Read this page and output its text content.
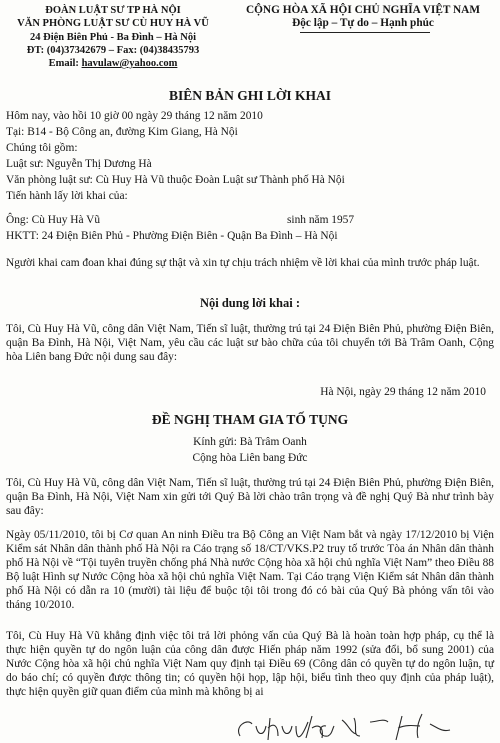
ĐOÀN LUẬT SƯ TP HÀ NỘI
VĂN PHÒNG LUẬT SƯ CÙ HUY HÀ VŨ
24 Điện Biên Phủ - Ba Đình – Hà Nội
ĐT: (04)37342679 – Fax: (04)38435793
Email: havulaw@yahoo.com
CỘNG HÒA XÃ HỘI CHỦ NGHĨA VIỆT NAM
Độc lập – Tự do – Hạnh phúc
BIÊN BẢN GHI LỜI KHAI
Hôm nay, vào hồi 10 giờ 00 ngày 29 tháng 12 năm 2010
Tại: B14 - Bộ Công an, đường Kim Giang, Hà Nội
Chúng tôi gồm:
Luật sư: Nguyễn Thị Dương Hà
Văn phòng luật sư: Cù Huy Hà Vũ thuộc Đoàn Luật sư Thành phố Hà Nội
Tiến hành lấy lời khai của:
Ông: Cù Huy Hà Vũ	sinh năm 1957
HKTT: 24 Điện Biên Phủ - Phường Điện Biên - Quận Ba Đình – Hà Nội
Người khai cam đoan khai đúng sự thật và xin tự chịu trách nhiệm về lời khai của mình trước pháp luật.
Nội dung lời khai :
Tôi, Cù Huy Hà Vũ, công dân Việt Nam, Tiến sĩ luật, thường trú tại 24 Điện Biên Phủ, phường Điện Biên, quận Ba Đình, Hà Nội, Việt Nam, yêu cầu các luật sư bào chữa của tôi chuyển tới Bà Trâm Oanh, Cộng hòa Liên bang Đức nội dung sau đây:
Hà Nội, ngày 29 tháng 12 năm 2010
ĐỀ NGHỊ THAM GIA TỐ TỤNG
Kính gửi: Bà Trâm Oanh
Cộng hòa Liên bang Đức
Tôi, Cù Huy Hà Vũ, công dân Việt Nam, Tiến sĩ luật, thường trú tại 24 Điện Biên Phủ, phường Điện Biên, quận Ba Đình, Hà Nội, Việt Nam xin gửi tới Quý Bà lời chào trân trọng và đề nghị Quý Bà như trình bày sau đây:
Ngày 05/11/2010, tôi bị Cơ quan An ninh Điều tra Bộ Công an Việt Nam bắt và ngày 17/12/2010 bị Viện Kiểm sát Nhân dân thành phố Hà Nội ra Cáo trạng số 18/CT/VKS.P2 truy tố trước Tòa án Nhân dân thành phố Hà Nội về “Tội tuyên truyền chống phá Nhà nước Cộng hòa xã hội chủ nghĩa Việt Nam” theo Điều 88 Bộ luật Hình sự Nước Cộng hòa xã hội chủ nghĩa Việt Nam. Tại Cáo trạng Viện Kiểm sát Nhân dân thành phố Hà Nội có dẫn ra 10 (mười) tài liệu để buộc tội tôi trong đó có bài của Quý Bà phỏng vấn tôi vào tháng 10/2010.
Tôi, Cù Huy Hà Vũ khẳng định việc tôi trả lời phỏng vấn của Quý Bà là hoàn toàn hợp pháp, cụ thể là thực hiện quyền tự do ngôn luận của công dân được Hiến pháp năm 1992 (sửa đổi, bổ sung 2001) của Nước Cộng hòa xã hội chủ nghĩa Việt Nam quy định tại Điều 69 (Công dân có quyền tự do ngôn luận, tự do báo chí; có quyền được thông tin; có quyền hội họp, lập hội, biểu tình theo quy định của pháp luật), thực hiện quyền giữ quan điểm của mình mà không bị ai
